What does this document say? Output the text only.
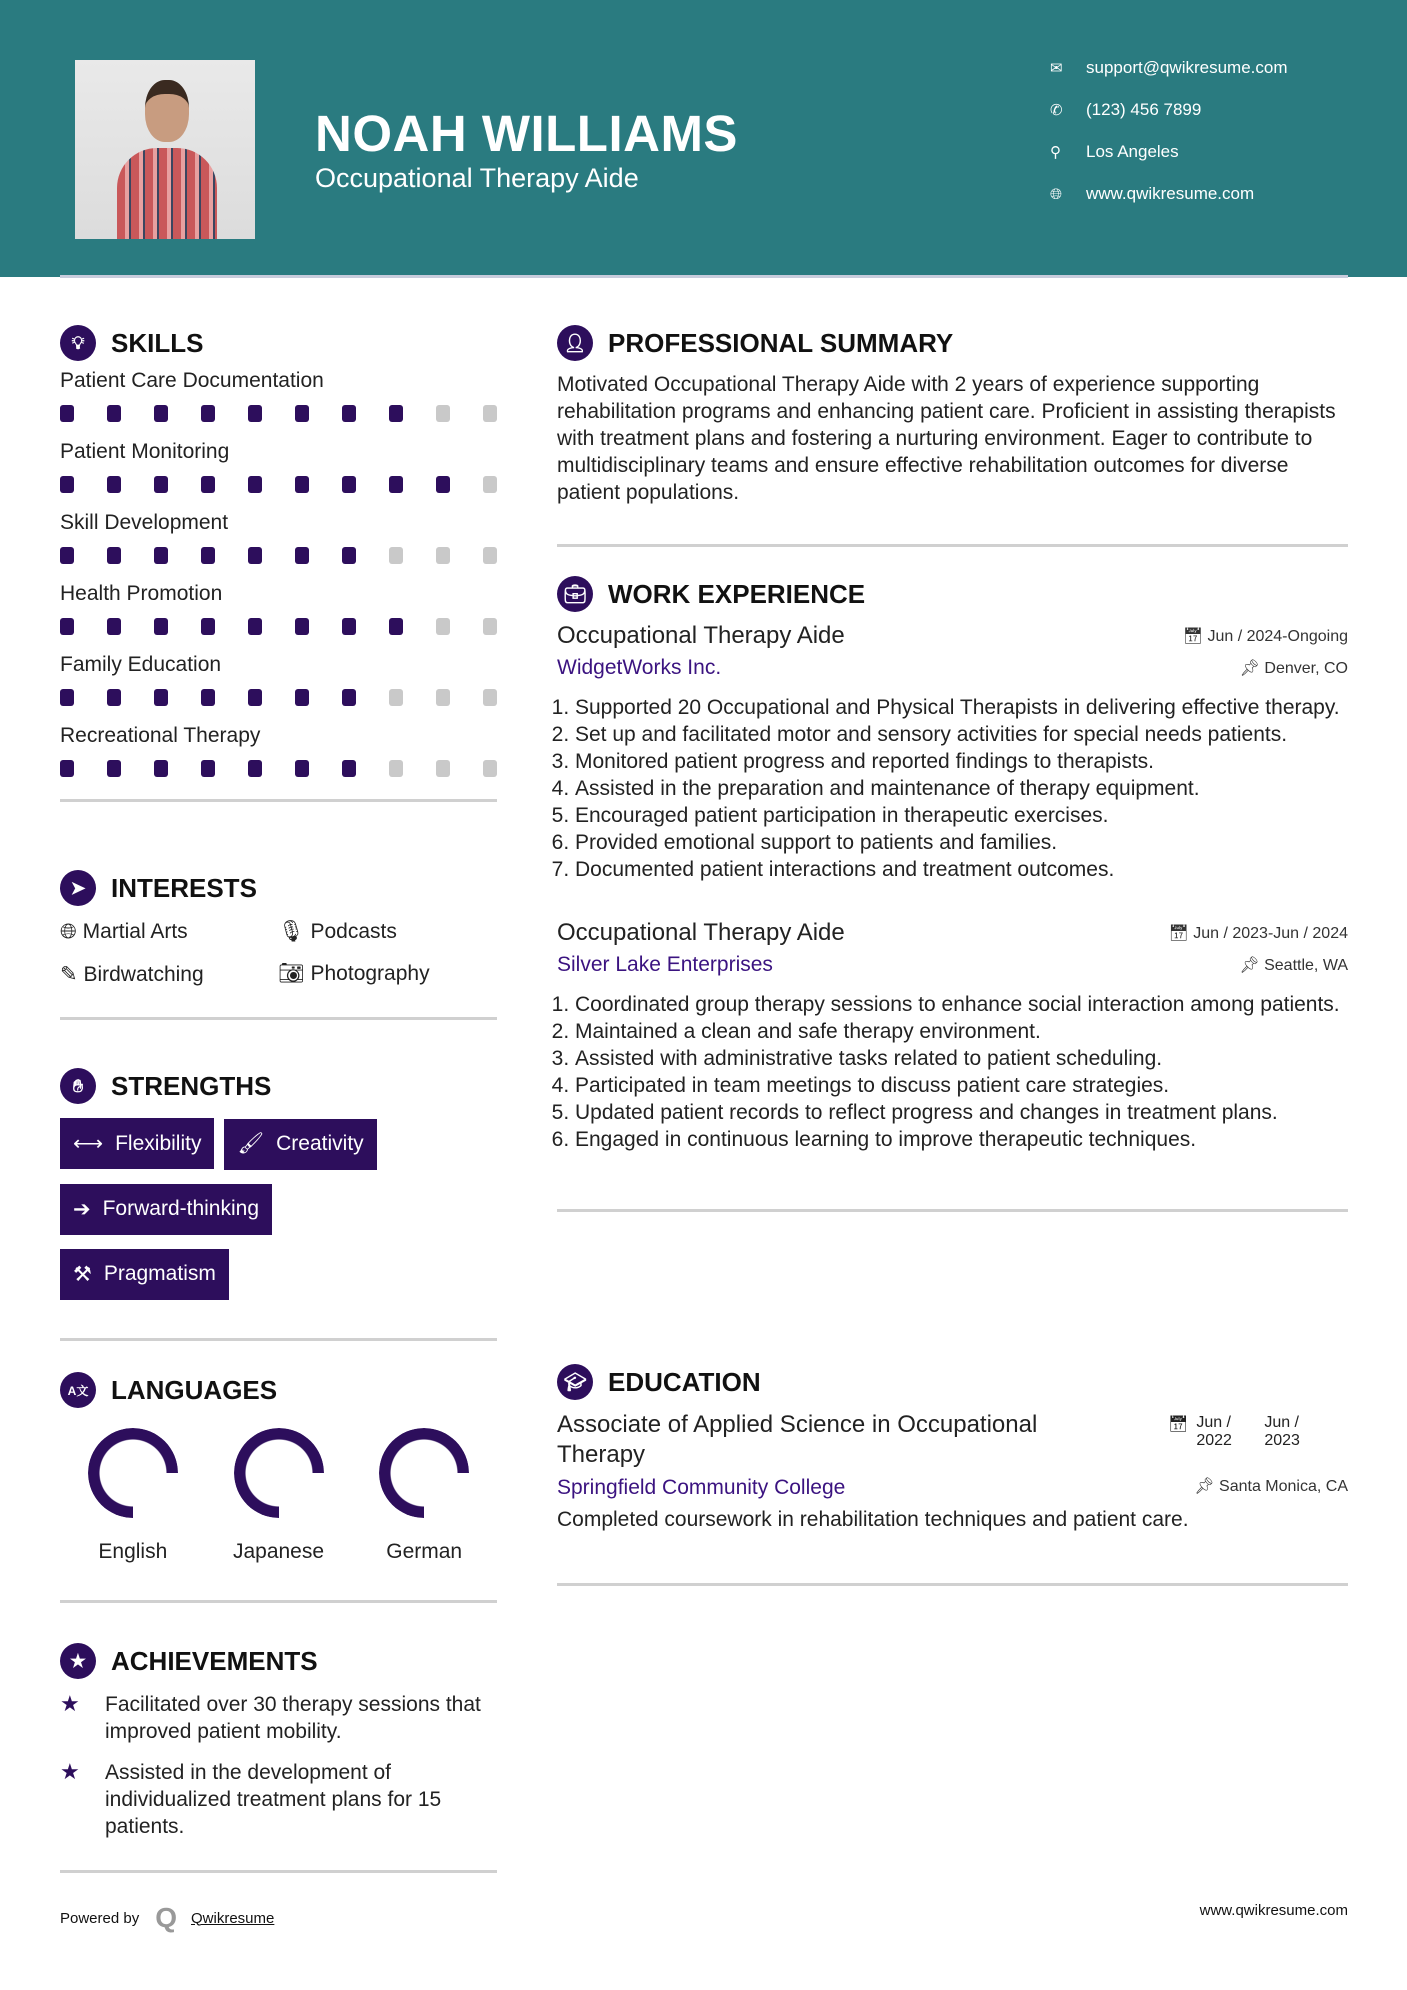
NOAH WILLIAMS
Occupational Therapy Aide
✉	support@qwikresume.com
✆	(123) 456 7899
⚲	Los Angeles
🌐︎	www.qwikresume.com
💡︎	SKILLS
Patient Care Documentation
Patient Monitoring
Skill Development
Health Promotion
Family Education
Recreational Therapy
➤ INTERESTS
🌐︎ Martial Arts	🎙︎ Podcasts
✎ Birdwatching	📷︎ Photography
✋︎	STRENGTHS
⟷ Flexibility 🖌︎ Creativity

➔ Forward-thinking

⚒ Pragmatism
A文 LANGUAGES
English	Japanese	German
★ ACHIEVEMENTS
★	Facilitated over 30 therapy sessions that improved patient mobility.
★	Assisted in the development of individualized treatment plans for 15 patients.
👤︎ PROFESSIONAL SUMMARY

Motivated Occupational Therapy Aide with 2 years of experience supporting rehabilitation programs and enhancing patient care. Proficient in assisting therapists with treatment plans and fostering a nurturing environment. Eager to contribute to multidisciplinary teams and ensure effective rehabilitation outcomes for diverse patient populations.

💼︎ WORK EXPERIENCE
Occupational Therapy Aide	📅︎ Jun / 2024-Ongoing
WidgetWorks Inc.	📌︎ Denver, CO
1. Supported 20 Occupational and Physical Therapists in delivering effective therapy.
2. Set up and facilitated motor and sensory activities for special needs patients.
3. Monitored patient progress and reported findings to therapists.
4. Assisted in the preparation and maintenance of therapy equipment.
5. Encouraged patient participation in therapeutic exercises.
6. Provided emotional support to patients and families.
7. Documented patient interactions and treatment outcomes.
Occupational Therapy Aide	📅︎ Jun / 2023-Jun / 2024
Silver Lake Enterprises	📌︎ Seattle, WA
1. Coordinated group therapy sessions to enhance social interaction among patients.
2. Maintained a clean and safe therapy environment.
3. Assisted with administrative tasks related to patient scheduling.
4. Participated in team meetings to discuss patient care strategies.
5. Updated patient records to reflect progress and changes in treatment plans.
6. Engaged in continuous learning to improve therapeutic techniques.
🎓︎ EDUCATION
Associate of Applied Science in Occupational Therapy
📅︎ Jun / 2022
Jun / 2023
Springfield Community College	📌︎ Santa Monica, CA

Completed coursework in rehabilitation techniques and patient care.

Powered by Q Qwikresume	www.qwikresume.com
